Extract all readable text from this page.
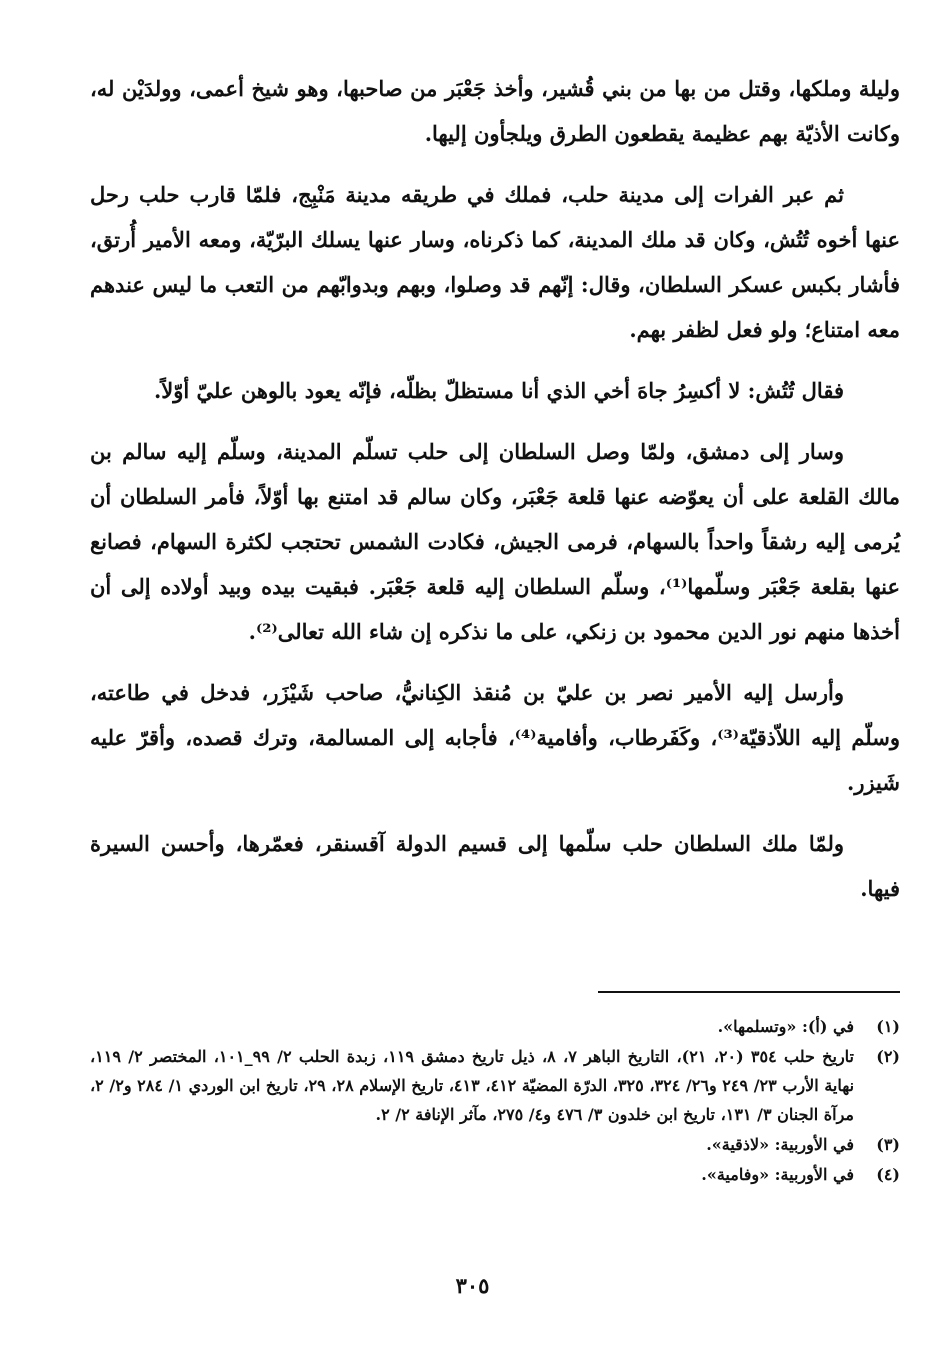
وليلة وملكها، وقتل من بها من بني قُشير، وأخذ جَعْبَر من صاحبها، وهو شيخ أعمى، وولدَيْن له، وكانت الأذيّة بهم عظيمة يقطعون الطرق ويلجأون إليها.

ثم عبر الفرات إلى مدينة حلب، فملك في طريقه مدينة مَنْبِج، فلمّا قارب حلب رحل عنها أخوه تُتُش، وكان قد ملك المدينة، كما ذكرناه، وسار عنها يسلك البرّيّة، ومعه الأمير أُرتق، فأشار بكبس عسكر السلطان، وقال: إنّهم قد وصلوا، وبهم وبدوابّهم من التعب ما ليس عندهم معه امتناع؛ ولو فعل لظفر بهم.

فقال تُتُش: لا أكسِرُ جاهَ أخي الذي أنا مستظلّ بظلّه، فإنّه يعود بالوهن عليّ أوّلاً.

وسار إلى دمشق، ولمّا وصل السلطان إلى حلب تسلّم المدينة، وسلّم إليه سالم بن مالك القلعة على أن يعوّضه عنها قلعة جَعْبَر، وكان سالم قد امتنع بها أوّلاً، فأمر السلطان أن يُرمى إليه رشقاً واحداً بالسهام، فرمى الجيش، فكادت الشمس تحتجب لكثرة السهام، فصانع عنها بقلعة جَعْبَر وسلّمها⁽¹⁾، وسلّم السلطان إليه قلعة جَعْبَر. فبقيت بيده وبيد أولاده إلى أن أخذها منهم نور الدين محمود بن زنكي، على ما نذكره إن شاء الله تعالى⁽²⁾.

وأرسل إليه الأمير نصر بن عليّ بن مُنقذ الكِنانيُّ، صاحب شَيْزَر، فدخل في طاعته، وسلّم إليه اللاّذقيّة⁽³⁾، وكَفَرطاب، وأفامية⁽⁴⁾، فأجابه إلى المسالمة، وترك قصده، وأقرّ عليه شَيزر.

ولمّا ملك السلطان حلب سلّمها إلى قسيم الدولة آقسنقر، فعمّرها، وأحسن السيرة فيها.

(١)
في (أ): «وتسلمها».
(٢)
تاريخ حلب ٣٥٤ (٢٠، ٢١)، التاريخ الباهر ٧، ٨، ذيل تاريخ دمشق ١١٩، زبدة الحلب ٢/ ٩٩_١٠١، المختصر ٢/ ١١٩، نهاية الأرب ٢٣/ ٢٤٩ و٢٦/ ٣٢٤، ٣٢٥، الدرّة المضيّة ٤١٢، ٤١٣، تاريخ الإسلام ٢٨، ٢٩، تاريخ ابن الوردي ١/ ٢٨٤ و٢/ ٢، مرآة الجنان ٣/ ١٣١، تاريخ ابن خلدون ٣/ ٤٧٦ و٤/ ٢٧٥، مآثر الإنافة ٢/ ٢.
(٣)
في الأوربية: «لاذقية».
(٤)
في الأوربية: «وفامية».
٣٠٥
